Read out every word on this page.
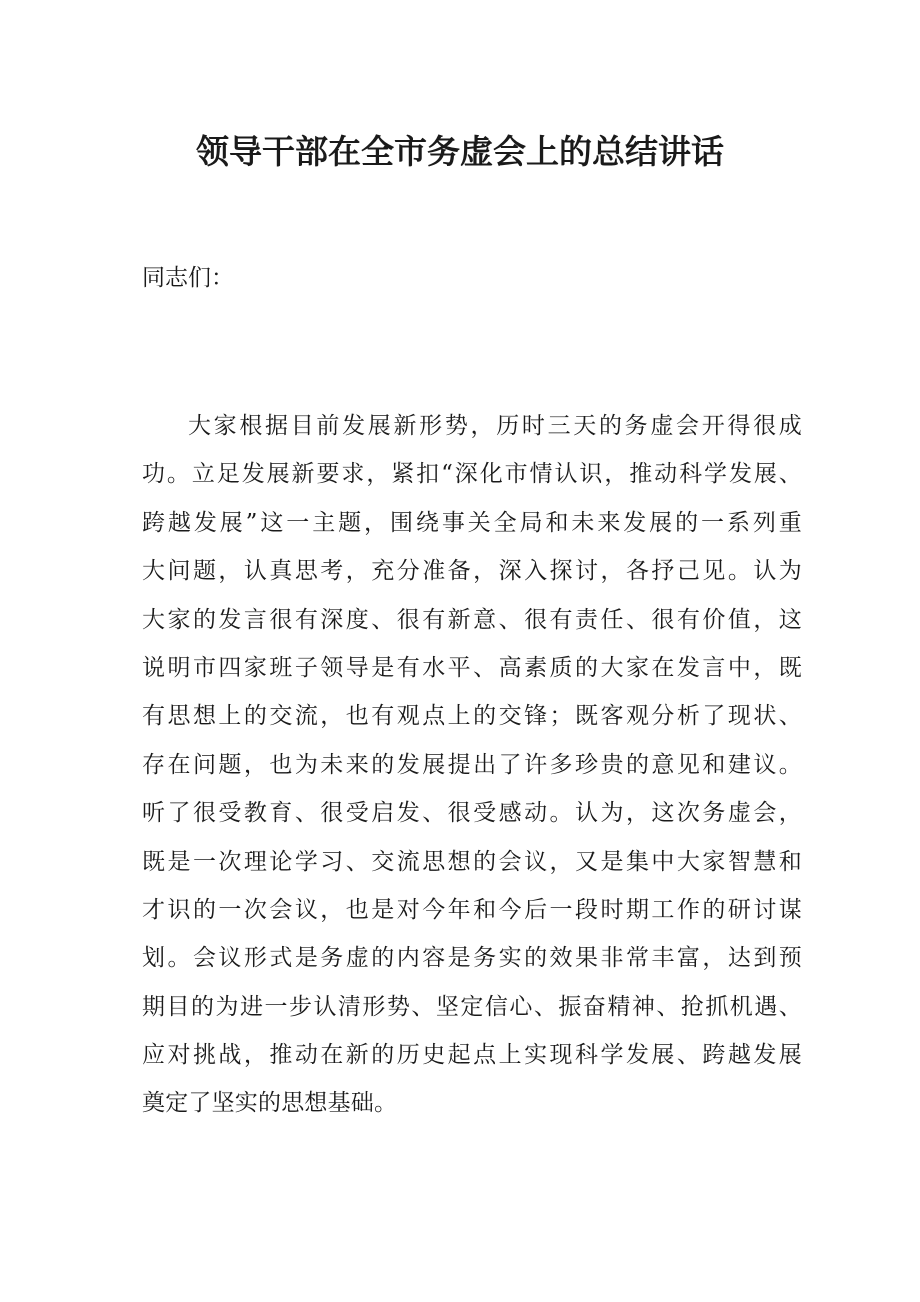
领导干部在全市务虚会上的总结讲话

同志们：

大家根据目前发展新形势，历时三天的务虚会开得很成
功。立足发展新要求，紧扣“深化市情认识，推动科学发展、
跨越发展”这一主题，围绕事关全局和未来发展的一系列重
大问题，认真思考，充分准备，深入探讨，各抒己见。认为
大家的发言很有深度、很有新意、很有责任、很有价值，这
说明市四家班子领导是有水平、高素质的大家在发言中，既
有思想上的交流，也有观点上的交锋；既客观分析了现状、
存在问题，也为未来的发展提出了许多珍贵的意见和建议。
听了很受教育、很受启发、很受感动。认为，这次务虚会，
既是一次理论学习、交流思想的会议，又是集中大家智慧和
才识的一次会议，也是对今年和今后一段时期工作的研讨谋
划。会议形式是务虚的内容是务实的效果非常丰富，达到预
期目的为进一步认清形势、坚定信心、振奋精神、抢抓机遇、
应对挑战，推动在新的历史起点上实现科学发展、跨越发展
奠定了坚实的思想基础。
